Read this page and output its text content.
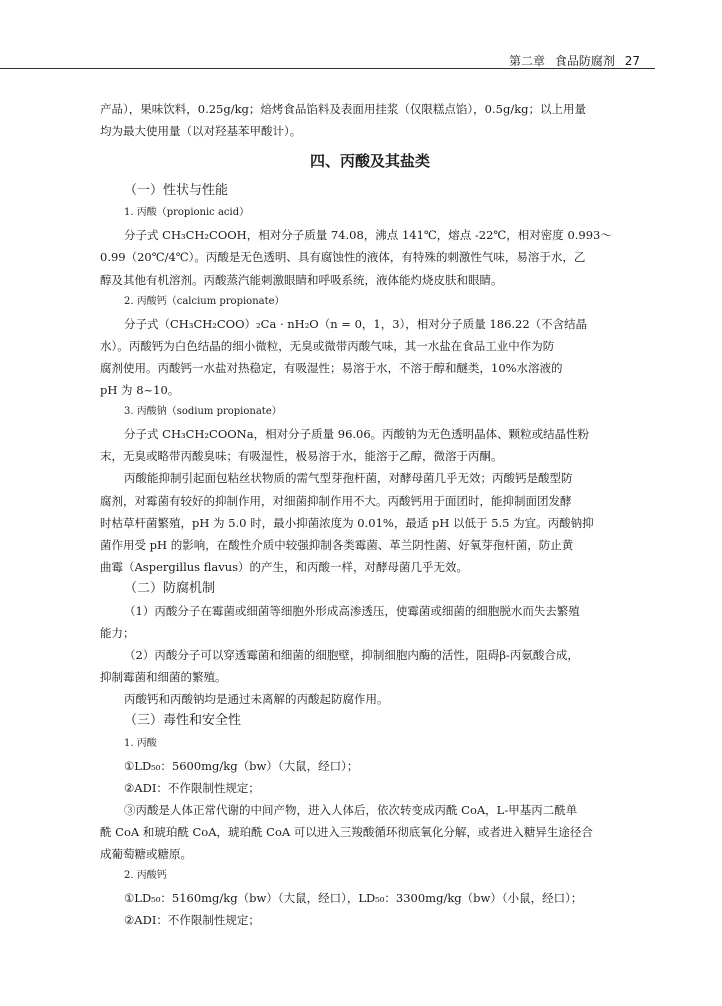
第二章 食品防腐剂 27
产品），果味饮料，0.25g/kg；焙烤食品馅料及表面用挂浆（仅限糕点馅），0.5g/kg；以上用量
均为最大使用量（以对羟基苯甲酸计）。
四、丙酸及其盐类
（一）性状与性能
1. 丙酸（propionic acid）
分子式 CH₃CH₂COOH，相对分子质量 74.08，沸点 141℃，熔点 -22℃，相对密度 0.993～
0.99（20℃/4℃）。丙酸是无色透明、具有腐蚀性的液体，有特殊的刺激性气味，易溶于水，乙
醇及其他有机溶剂。丙酸蒸汽能刺激眼睛和呼吸系统，液体能灼烧皮肤和眼睛。
2. 丙酸钙（calcium propionate）
分子式（CH₃CH₂COO）₂Ca · nH₂O（n = 0，1，3），相对分子质量 186.22（不含结晶
水）。丙酸钙为白色结晶的细小微粒，无臭或微带丙酸气味，其一水盐在食品工业中作为防
腐剂使用。丙酸钙一水盐对热稳定，有吸湿性；易溶于水，不溶于醇和醚类，10%水溶液的
pH 为 8~10。
3. 丙酸钠（sodium propionate）
分子式 CH₃CH₂COONa，相对分子质量 96.06。丙酸钠为无色透明晶体、颗粒或结晶性粉
末，无臭或略带丙酸臭味；有吸湿性，极易溶于水，能溶于乙醇，微溶于丙酮。
丙酸能抑制引起面包粘丝状物质的需气型芽孢杆菌，对酵母菌几乎无效；丙酸钙是酸型防
腐剂，对霉菌有较好的抑制作用，对细菌抑制作用不大。丙酸钙用于面团时，能抑制面团发酵
时枯草杆菌繁殖，pH 为 5.0 时，最小抑菌浓度为 0.01%，最适 pH 以低于 5.5 为宜。丙酸钠抑
菌作用受 pH 的影响，在酸性介质中较强抑制各类霉菌、革兰阴性菌、好氧芽孢杆菌，防止黄
曲霉（Aspergillus flavus）的产生，和丙酸一样，对酵母菌几乎无效。
（二）防腐机制
（1）丙酸分子在霉菌或细菌等细胞外形成高渗透压，使霉菌或细菌的细胞脱水而失去繁殖
能力；
（2）丙酸分子可以穿透霉菌和细菌的细胞壁，抑制细胞内酶的活性，阻碍β-丙氨酸合成，
抑制霉菌和细菌的繁殖。
丙酸钙和丙酸钠均是通过未离解的丙酸起防腐作用。
（三）毒性和安全性
1. 丙酸
①LD₅₀：5600mg/kg（bw）（大鼠，经口）；
②ADI：不作限制性规定；
③丙酸是人体正常代谢的中间产物，进入人体后，依次转变成丙酰 CoA，L-甲基丙二酰单
酰 CoA 和琥珀酰 CoA，琥珀酰 CoA 可以进入三羧酸循环彻底氧化分解，或者进入糖异生途径合
成葡萄糖或糖原。
2. 丙酸钙
①LD₅₀：5160mg/kg（bw）（大鼠，经口），LD₅₀：3300mg/kg（bw）（小鼠，经口）；
②ADI：不作限制性规定；
